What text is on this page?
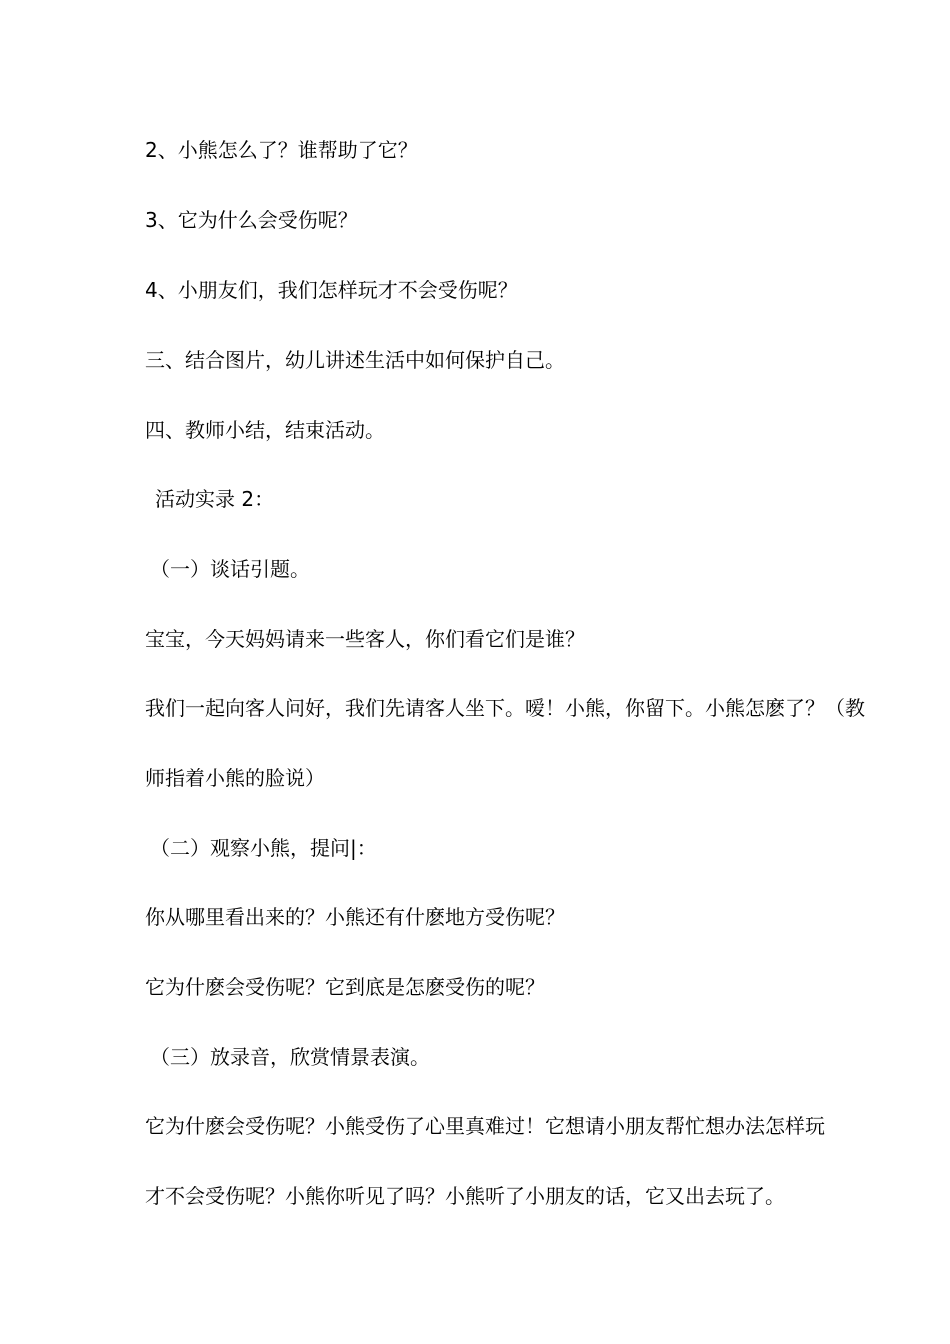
2、小熊怎么了？谁帮助了它？
3、它为什么会受伤呢？
4、小朋友们，我们怎样玩才不会受伤呢？
三、结合图片，幼儿讲述生活中如何保护自己。
四、教师小结，结束活动。
活动实录 2：
（一）谈话引题。
宝宝，今天妈妈请来一些客人，你们看它们是谁？
我们一起向客人问好，我们先请客人坐下。嗳！小熊，你留下。小熊怎麽了？（教
师指着小熊的脸说）
（二）观察小熊，提问|：
你从哪里看出来的？小熊还有什麽地方受伤呢？
它为什麽会受伤呢？它到底是怎麽受伤的呢？
（三）放录音，欣赏情景表演。
它为什麽会受伤呢？小熊受伤了心里真难过！它想请小朋友帮忙想办法怎样玩
才不会受伤呢？小熊你听见了吗？小熊听了小朋友的话，它又出去玩了。
